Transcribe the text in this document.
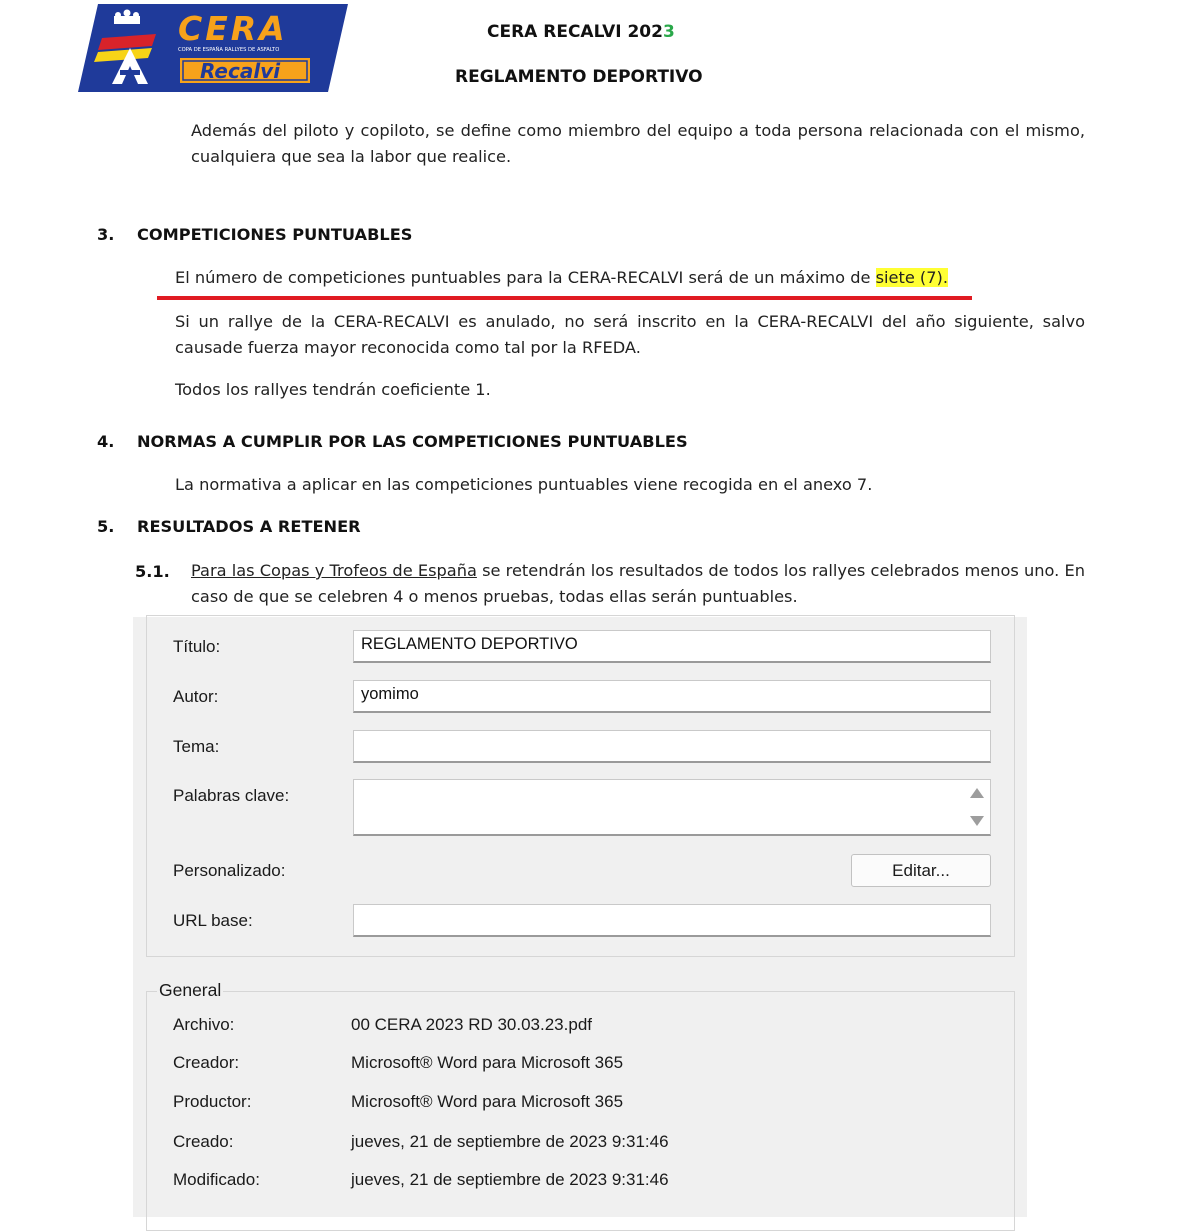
CERA
COPA DE ESPAÑA RALLYES DE ASFALTO
Recalvi
CERA RECALVI 2023
REGLAMENTO DEPORTIVO
Además del piloto y copiloto, se define como miembro del equipo a toda persona relacionada con el mismo, cualquiera que sea la labor que realice.
3. COMPETICIONES PUNTUABLES
El número de competiciones puntuables para la CERA-RECALVI será de un máximo de siete (7).
Si un rallye de la CERA-RECALVI es anulado, no será inscrito en la CERA-RECALVI del año siguiente, salvo causade fuerza mayor reconocida como tal por la RFEDA.
Todos los rallyes tendrán coeficiente 1.
4. NORMAS A CUMPLIR POR LAS COMPETICIONES PUNTUABLES
La normativa a aplicar en las competiciones puntuables viene recogida en el anexo 7.
5. RESULTADOS A RETENER
5.1. Para las Copas y Trofeos de España se retendrán los resultados de todos los rallyes celebrados menos uno. En caso de que se celebren 4 o menos pruebas, todas ellas serán puntuables.
Título:	REGLAMENTO DEPORTIVO
Autor:	yomimo
Tema:
Palabras clave:
Personalizado:	Editar...
URL base:
General
Archivo:	00 CERA 2023 RD 30.03.23.pdf
Creador:	Microsoft® Word para Microsoft 365
Productor:	Microsoft® Word para Microsoft 365
Creado:	jueves, 21 de septiembre de 2023 9:31:46
Modificado:	jueves, 21 de septiembre de 2023 9:31:46
